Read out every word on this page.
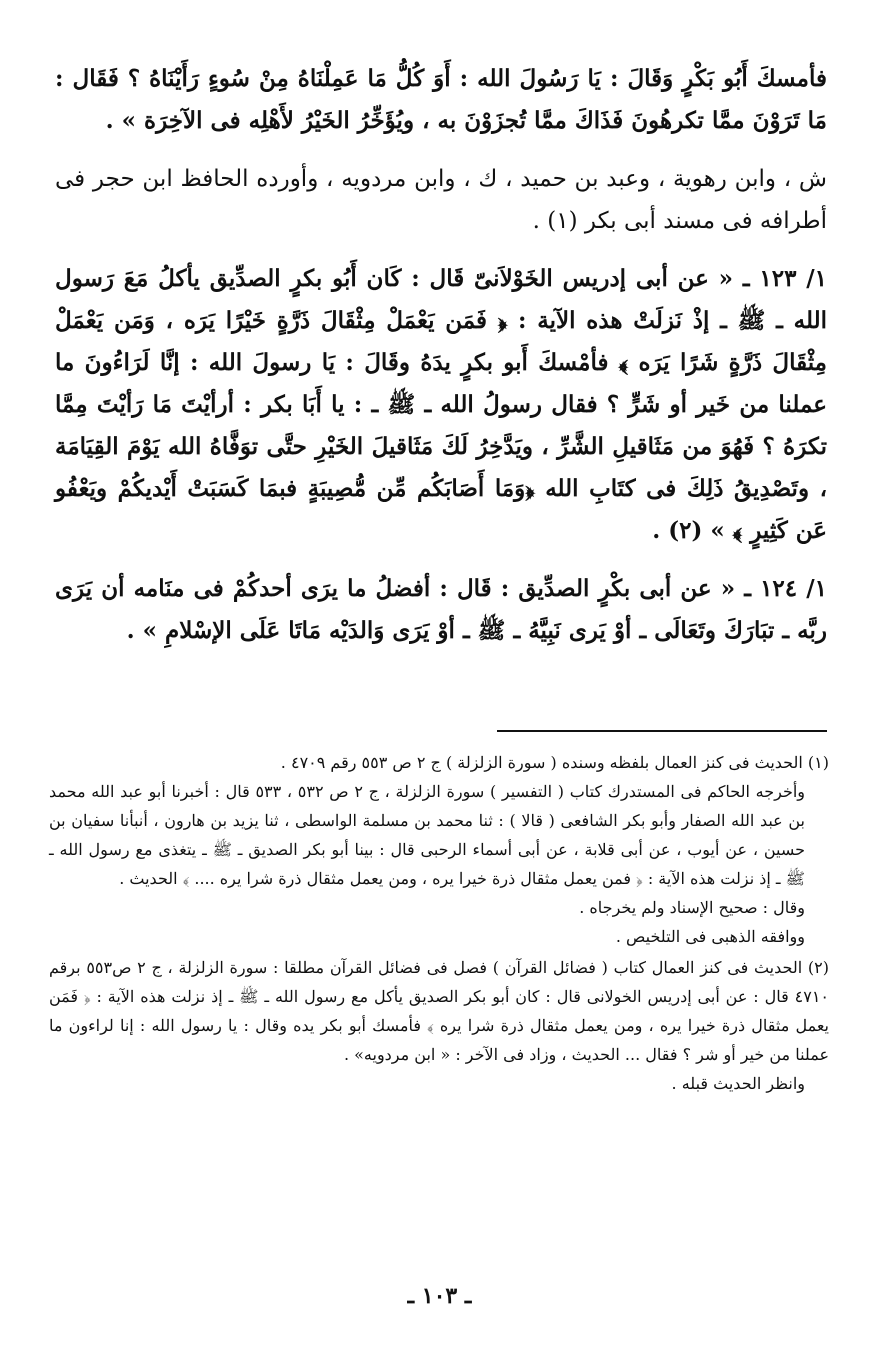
فأمسكَ أَبُو بَكْرٍ وَقَالَ : يَا رَسُولَ الله : أَوَ كُلُّ مَا عَمِلْنَاهُ مِنْ سُوءٍ رَأَيْنَاهُ ؟ فَقَال : مَا تَرَوْنَ ممَّا تكرهُونَ فَذَاكَ ممَّا تُجزَوْنَ به ، ويُؤَخِّرُ الخَيْرُ لأَهْلِه فى الآخِرَة » .

ش ، وابن رهوية ، وعبد بن حميد ، ك ، وابن مردويه ، وأورده الحافظ ابن حجر فى أطرافه فى مسند أبى بكر (١) .

١/ ١٢٣ ـ « عن أبى إدريس الخَوْلاَنىّ قَال : كَان أَبُو بكرٍ الصدِّيق يأكلُ مَعَ رَسول الله ـ ﷺ ـ إذْ نَزلَتْ هذه الآية : ﴿ فَمَن يَعْمَلْ مِثْقَالَ ذَرَّةٍ خَيْرًا يَرَه ، وَمَن يَعْمَلْ مِثْقَالَ ذَرَّةٍ شَرًا يَرَه ﴾ فأمْسكَ أَبو بكرٍ يدَهُ وقَالَ : يَا رسولَ الله : إنَّا لَرَاءُونَ ما عملنا من خَير أو شَرٍّ ؟ فقال رسولُ الله ـ ﷺ ـ : يا أَبَا بكر : أرأيْتَ مَا رَأيْتَ مِمَّا تكرَهُ ؟ فَهُوَ من مَثَاقيلِ الشَّرِّ ، ويَدَّخِرُ لَكَ مَثَاقيلَ الخَيْرِ حتَّى توَفَّاهُ الله يَوْمَ القِيَامَة ، وتَصْدِيقُ ذَلِكَ فى كتَابِ الله ﴿وَمَا أَصَابَكُم مِّن مُّصِيبَةٍ فبمَا كَسَبَتْ أَيْديكُمْ ويَعْفُو عَن كَثِيرٍ ﴾ » (٢) .

١/ ١٢٤ ـ « عن أبى بكْرٍ الصدِّيق : قَال : أفضلُ ما يرَى أحدكُمْ فى منَامه أن يَرَى ربَّه ـ تبَارَكَ وتَعَالَى ـ أوْ يَرى نَبِيَّهُ ـ ﷺ ـ أوْ يَرَى وَالدَيْه مَاتَا عَلَى الإسْلامِ » .

(١) الحديث فى كنز العمال بلفظه وسنده ( سورة الزلزلة ) ج ٢ ص ٥٥٣ رقم ٤٧٠٩ .

وأخرجه الحاكم فى المستدرك كتاب ( التفسير ) سورة الزلزلة ، ج ٢ ص ٥٣٢ ، ٥٣٣ قال : أخبرنا أبو عبد الله محمد بن عبد الله الصفار وأبو بكر الشافعى ( قالا ) : ثنا محمد بن مسلمة الواسطى ، ثنا يزيد بن هارون ، أنبأنا سفيان بن حسين ، عن أيوب ، عن أبى قلابة ، عن أبى أسماء الرحبى قال : بينا أبو بكر الصديق ـ ﷺ ـ يتغذى مع رسول الله ـ ﷺ ـ إذ نزلت هذه الآية : ﴿ فمن يعمل مثقال ذرة خيرا يره ، ومن يعمل مثقال ذرة شرا يره .... ﴾ الحديث .

وقال : صحيح الإسناد ولم يخرجاه .

ووافقه الذهبى فى التلخيص .

(٢) الحديث فى كنز العمال كتاب ( فضائل القرآن ) فصل فى فضائل القرآن مطلقا : سورة الزلزلة ، ج ٢ ص٥٥٣ برقم ٤٧١٠ قال : عن أبى إدريس الخولانى قال : كان أبو بكر الصديق يأكل مع رسول الله ـ ﷺ ـ إذ نزلت هذه الآية : ﴿ فَمَن يعمل مثقال ذرة خيرا يره ، ومن يعمل مثقال ذرة شرا يره ﴾ فأمسك أبو بكر يده وقال : يا رسول الله : إنا لراءون ما عملنا من خير أو شر ؟ فقال ... الحديث ، وزاد فى الآخر : « ابن مردويه» .

وانظر الحديث قبله .

ـ ١٠٣ ـ
